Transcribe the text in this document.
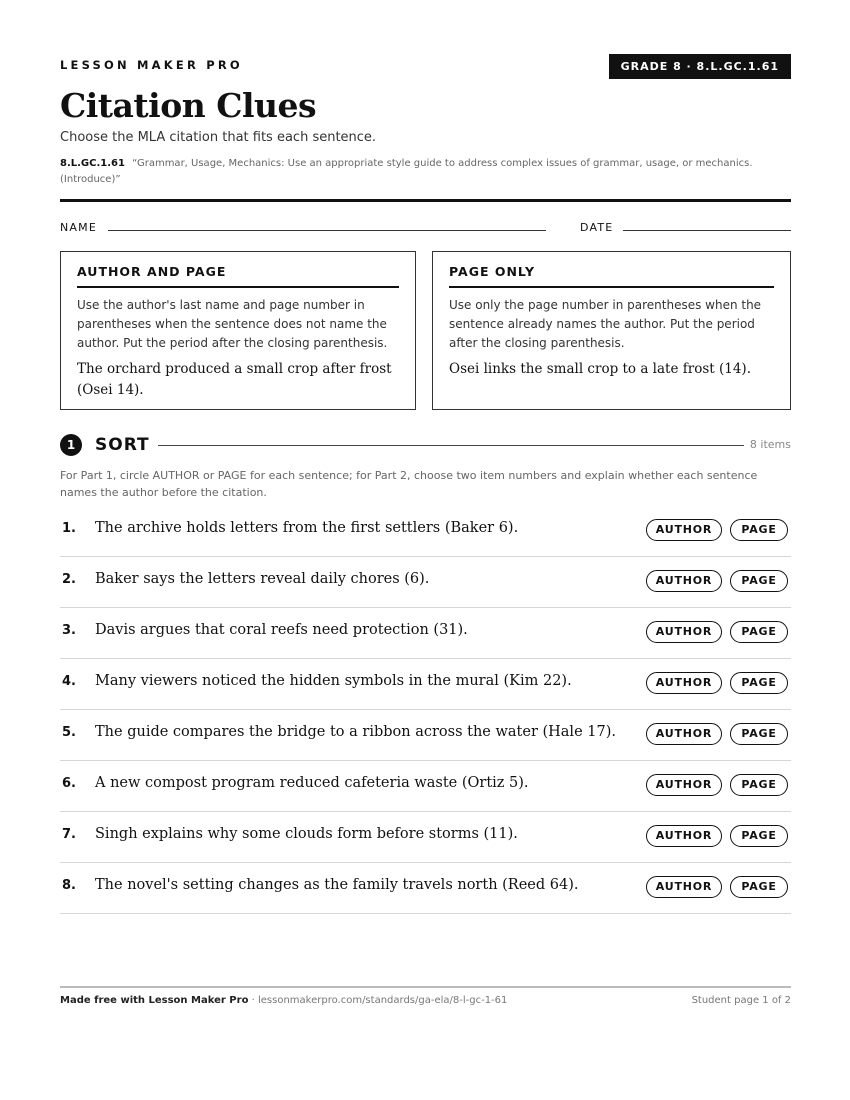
LESSON MAKER PRO	GRADE 8 · 8.L.GC.1.61
Citation Clues
Choose the MLA citation that fits each sentence.
8.L.GC.1.61 “Grammar, Usage, Mechanics: Use an appropriate style guide to address complex issues of grammar, usage, or mechanics. (Introduce)”
NAME	DATE
AUTHOR AND PAGE
Use the author's last name and page number in parentheses when the sentence does not name the author. Put the period after the closing parenthesis.
The orchard produced a small crop after frost (Osei 14).
PAGE ONLY
Use only the page number in parentheses when the sentence already names the author. Put the period after the closing parenthesis.
Osei links the small crop to a late frost (14).
1	SORT	8 items
For Part 1, circle AUTHOR or PAGE for each sentence; for Part 2, choose two item numbers and explain whether each sentence names the author before the citation.
1. The archive holds letters from the first settlers (Baker 6).	AUTHOR	PAGE
2. Baker says the letters reveal daily chores (6).	AUTHOR	PAGE
3. Davis argues that coral reefs need protection (31).	AUTHOR	PAGE
4. Many viewers noticed the hidden symbols in the mural (Kim 22).	AUTHOR	PAGE
5. The guide compares the bridge to a ribbon across the water (Hale 17).	AUTHOR	PAGE
6. A new compost program reduced cafeteria waste (Ortiz 5).	AUTHOR	PAGE
7. Singh explains why some clouds form before storms (11).	AUTHOR	PAGE
8. The novel's setting changes as the family travels north (Reed 64).	AUTHOR	PAGE
Made free with Lesson Maker Pro · lessonmakerpro.com/standards/ga-ela/8-l-gc-1-61	Student page 1 of 2
